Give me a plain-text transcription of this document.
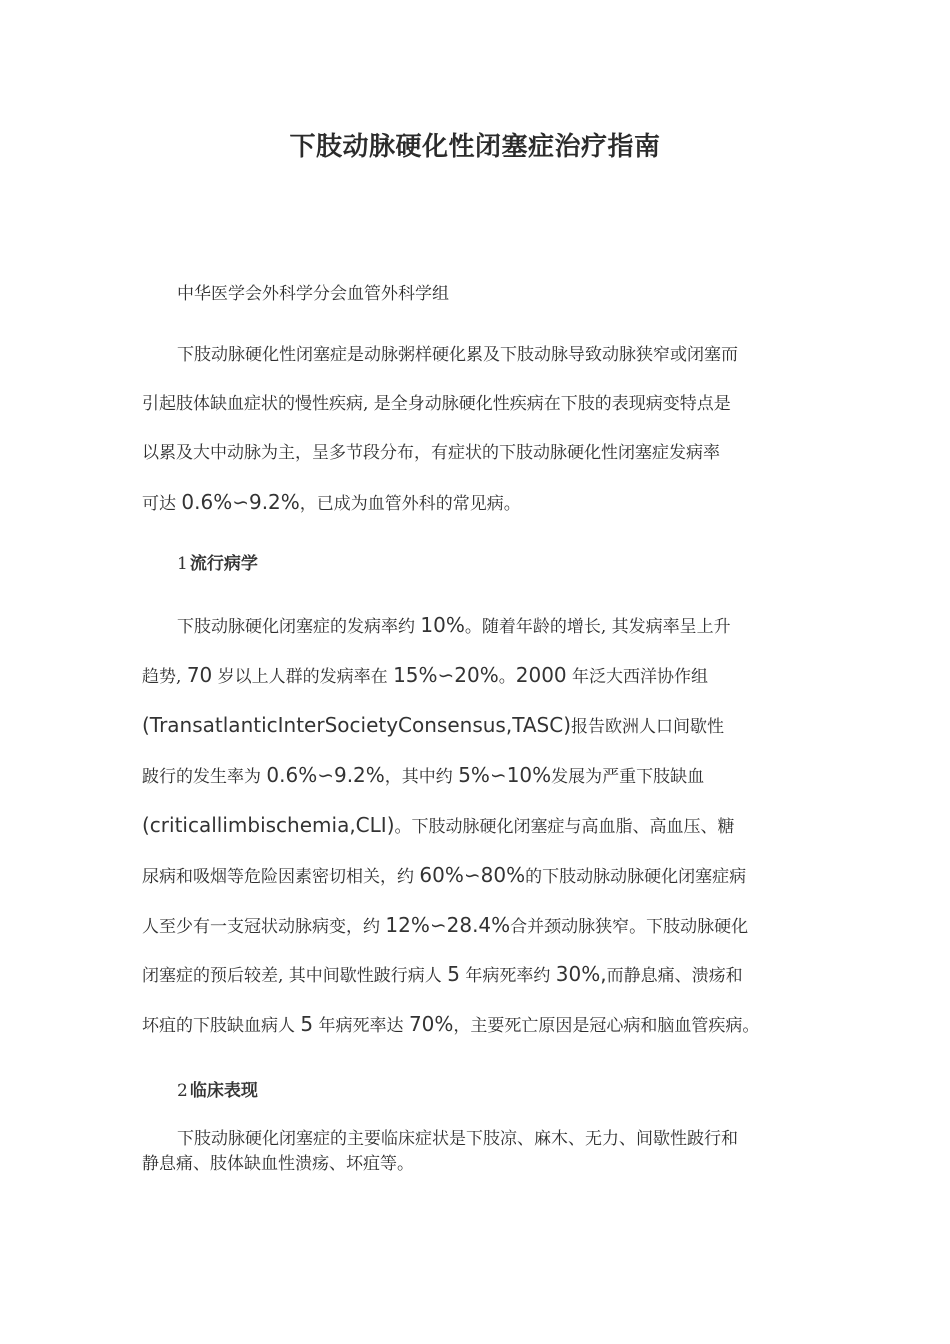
下肢动脉硬化性闭塞症治疗指南
中华医学会外科学分会血管外科学组
下肢动脉硬化性闭塞症是动脉粥样硬化累及下肢动脉导致动脉狭窄或闭塞而
引起肢体缺血症状的慢性疾病, 是全身动脉硬化性疾病在下肢的表现病变特点是
以累及大中动脉为主，呈多节段分布，有症状的下肢动脉硬化性闭塞症发病率
可达 0.6%∽9.2%，已成为血管外科的常见病。
1 流行病学
下肢动脉硬化闭塞症的发病率约 10%。随着年龄的增长, 其发病率呈上升
趋势, 70 岁以上人群的发病率在 15%∽20%。2000 年泛大西洋协作组
(TransatlanticInterSocietyConsensus,TASC)报告欧洲人口间歇性
跛行的发生率为 0.6%∽9.2%，其中约 5%∽10%发展为严重下肢缺血
(criticallimbischemia,CLI)。下肢动脉硬化闭塞症与高血脂、高血压、糖
尿病和吸烟等危险因素密切相关，约 60%∽80%的下肢动脉动脉硬化闭塞症病
人至少有一支冠状动脉病变，约 12%∽28.4%合并颈动脉狭窄。下肢动脉硬化
闭塞症的预后较差, 其中间歇性跛行病人 5 年病死率约 30%,而静息痛、溃疡和
坏疽的下肢缺血病人 5 年病死率达 70%，主要死亡原因是冠心病和脑血管疾病。
2 临床表现
下肢动脉硬化闭塞症的主要临床症状是下肢凉、麻木、无力、间歇性跛行和
静息痛、肢体缺血性溃疡、坏疽等。
